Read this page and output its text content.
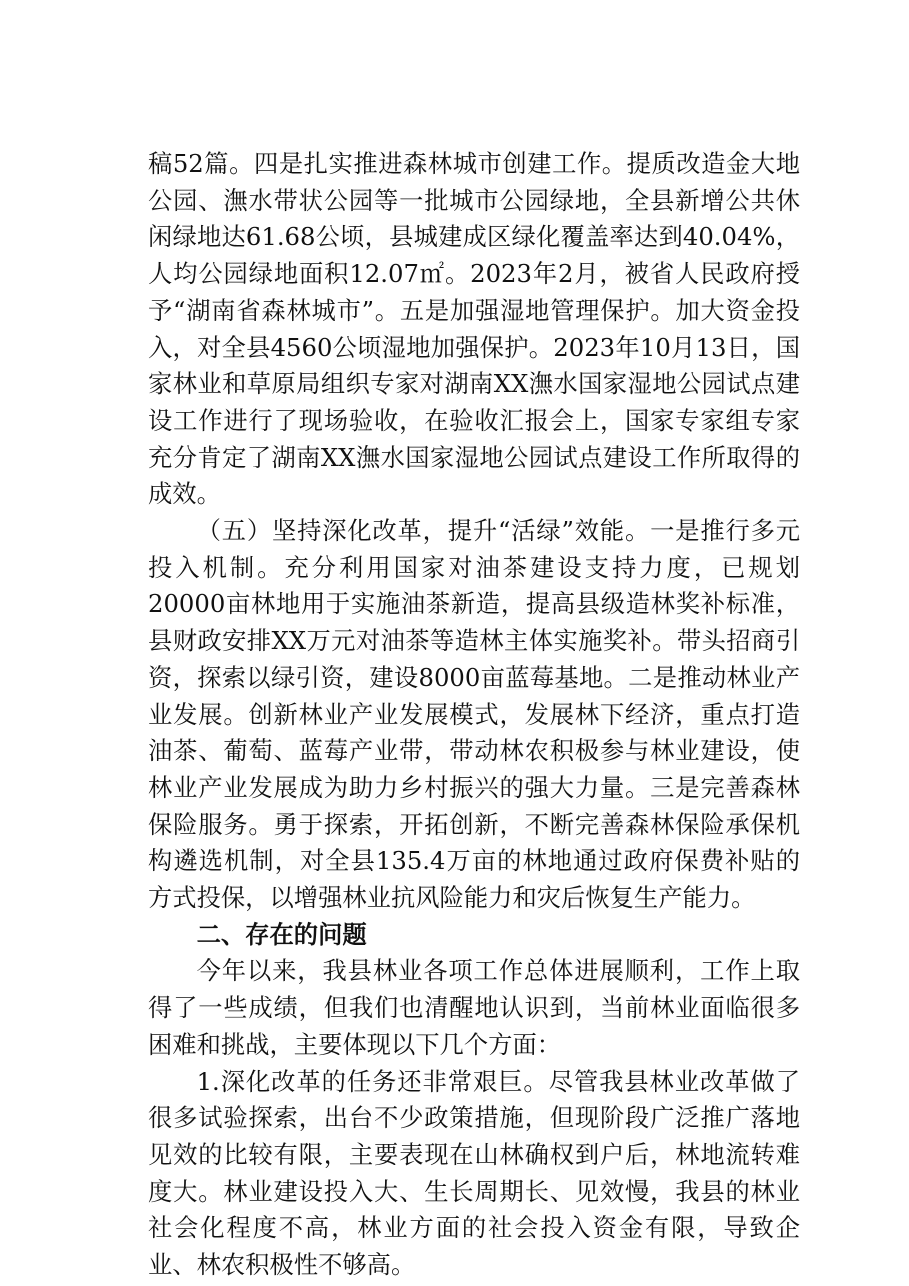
稿52篇。四是扎实推进森林城市创建工作。提质改造金大地公园、潕水带状公园等一批城市公园绿地，全县新增公共休闲绿地达61.68公顷，县城建成区绿化覆盖率达到40.04%，人均公园绿地面积12.07㎡。2023年2月，被省人民政府授予“湖南省森林城市”。五是加强湿地管理保护。加大资金投入，对全县4560公顷湿地加强保护。2023年10月13日，国家林业和草原局组织专家对湖南XX潕水国家湿地公园试点建设工作进行了现场验收，在验收汇报会上，国家专家组专家充分肯定了湖南XX潕水国家湿地公园试点建设工作所取得的成效。

（五）坚持深化改革，提升“活绿”效能。一是推行多元投入机制。充分利用国家对油茶建设支持力度，已规划20000亩林地用于实施油茶新造，提高县级造林奖补标准，县财政安排XX万元对油茶等造林主体实施奖补。带头招商引资，探索以绿引资，建设8000亩蓝莓基地。二是推动林业产业发展。创新林业产业发展模式，发展林下经济，重点打造油茶、葡萄、蓝莓产业带，带动林农积极参与林业建设，使林业产业发展成为助力乡村振兴的强大力量。三是完善森林保险服务。勇于探索，开拓创新，不断完善森林保险承保机构遴选机制，对全县135.4万亩的林地通过政府保费补贴的方式投保，以增强林业抗风险能力和灾后恢复生产能力。

二、存在的问题

今年以来，我县林业各项工作总体进展顺利，工作上取得了一些成绩，但我们也清醒地认识到，当前林业面临很多困难和挑战，主要体现以下几个方面：

1.深化改革的任务还非常艰巨。尽管我县林业改革做了很多试验探索，出台不少政策措施，但现阶段广泛推广落地见效的比较有限，主要表现在山林确权到户后，林地流转难度大。林业建设投入大、生长周期长、见效慢，我县的林业社会化程度不高，林业方面的社会投入资金有限，导致企业、林农积极性不够高。
